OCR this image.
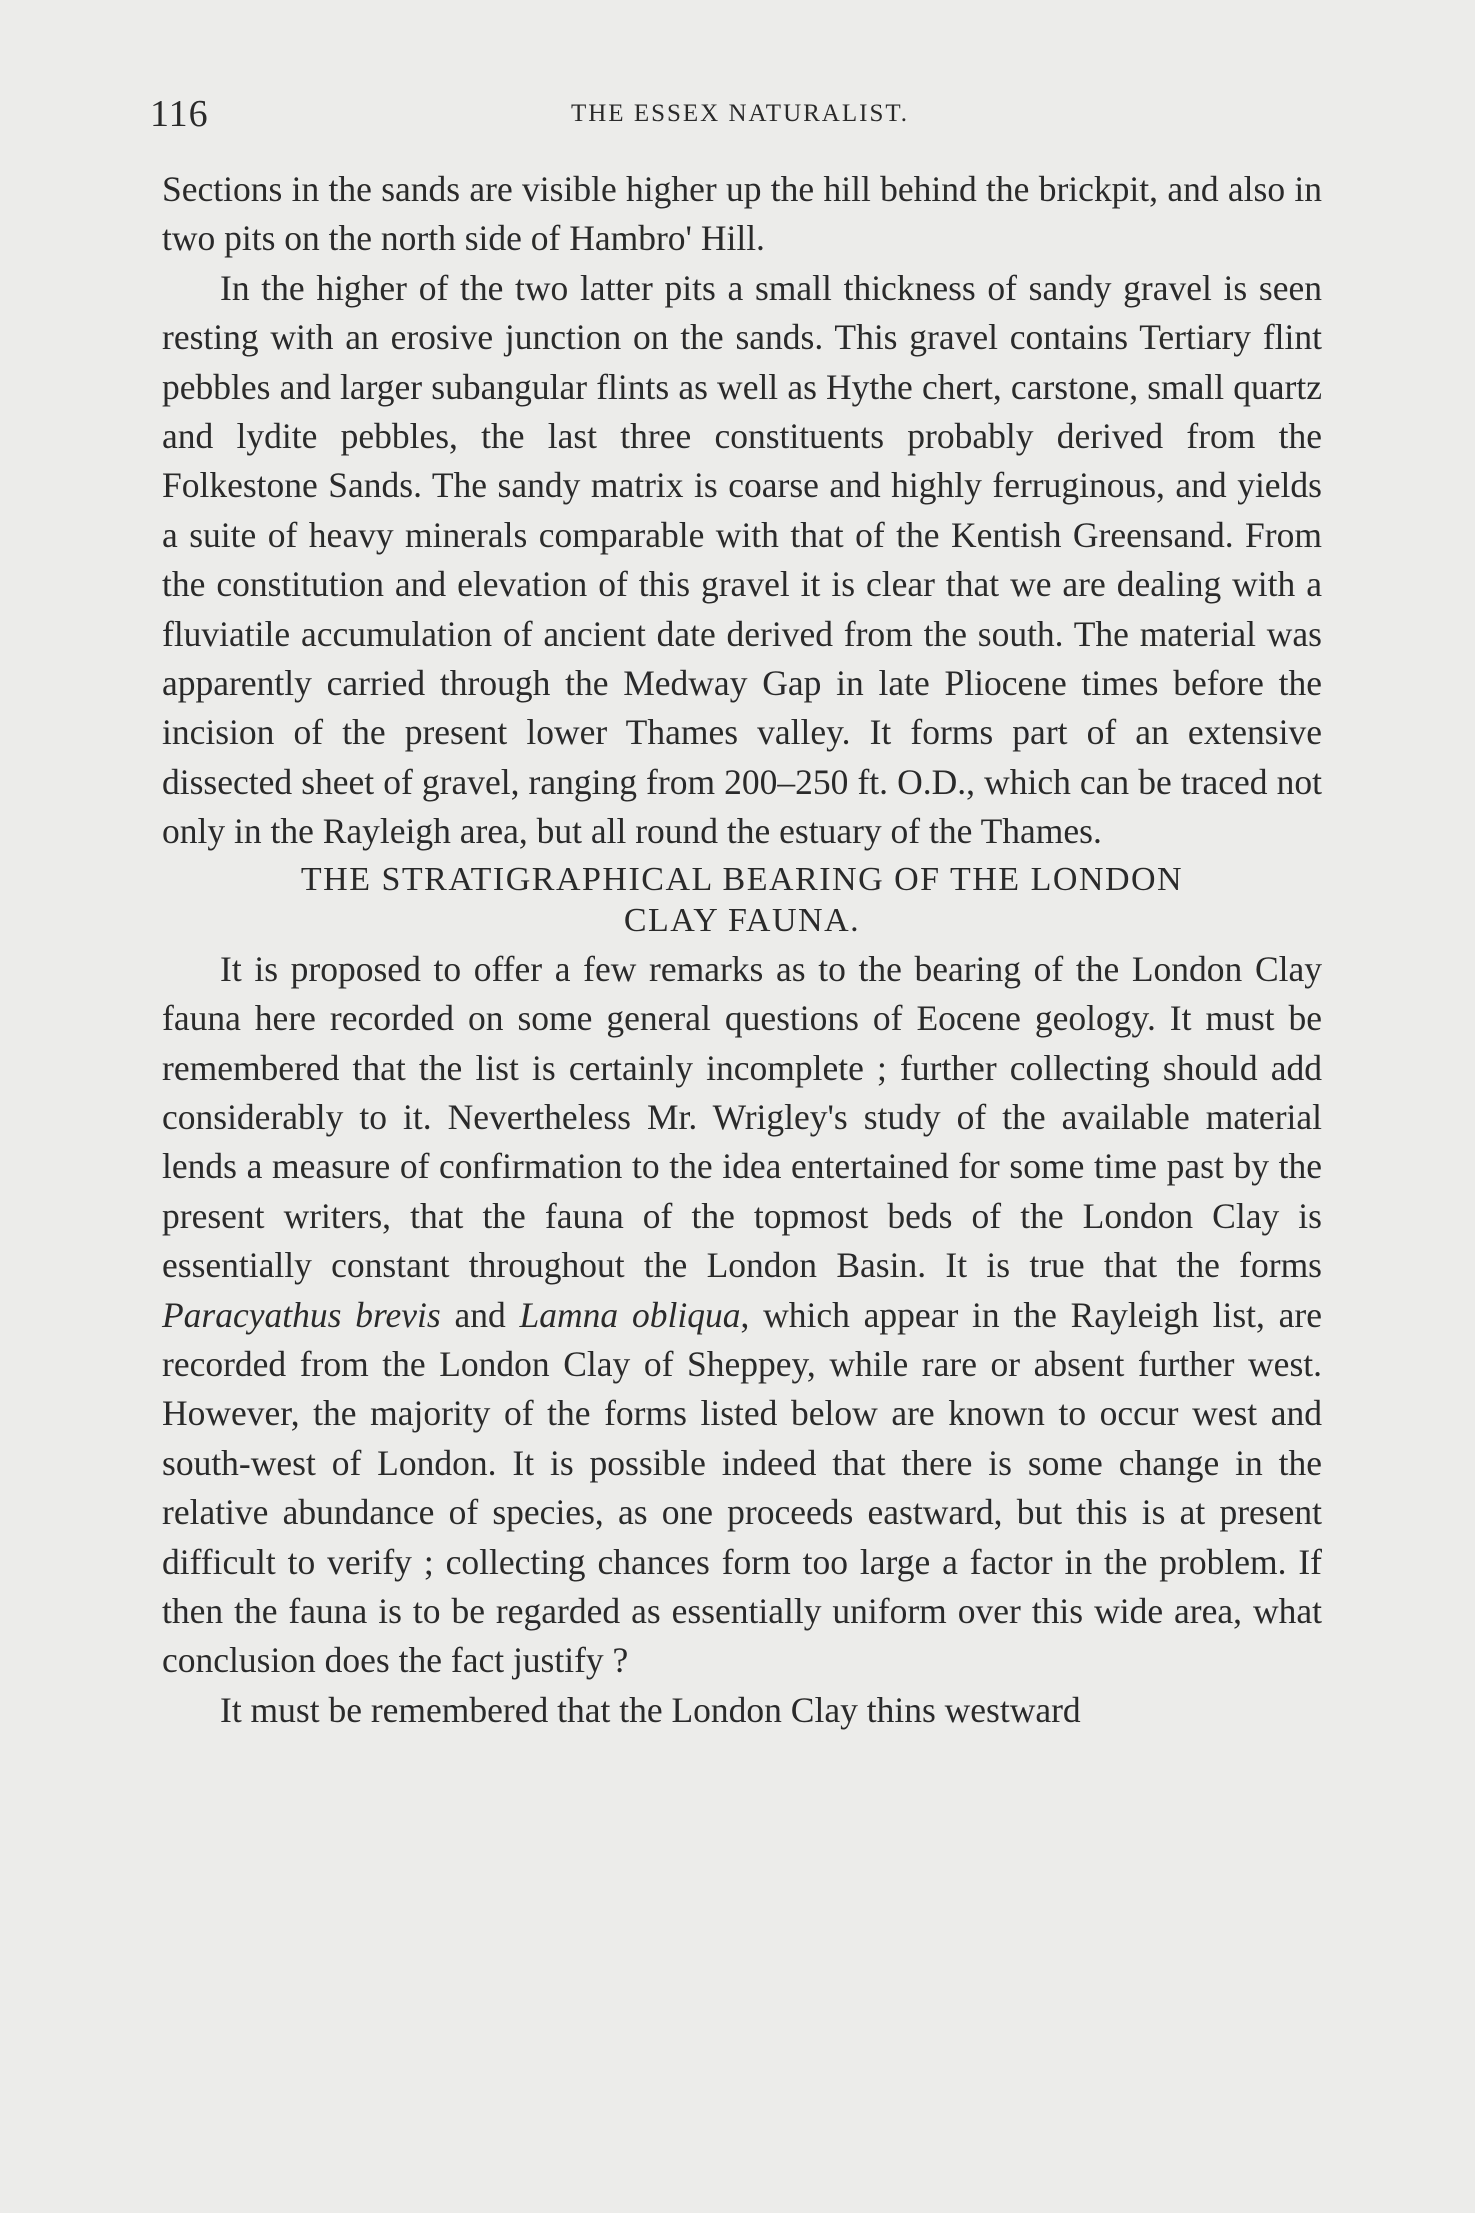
116	THE ESSEX NATURALIST.

Sections in the sands are visible higher up the hill behind the brickpit, and also in two pits on the north side of Hambro' Hill.

In the higher of the two latter pits a small thickness of sandy gravel is seen resting with an erosive junction on the sands. This gravel contains Tertiary flint pebbles and larger subangular flints as well as Hythe chert, carstone, small quartz and lydite pebbles, the last three constituents probably derived from the Folkestone Sands. The sandy matrix is coarse and highly ferruginous, and yields a suite of heavy minerals comparable with that of the Kentish Greensand. From the constitution and elevation of this gravel it is clear that we are dealing with a fluviatile accumulation of ancient date derived from the south. The material was apparently carried through the Medway Gap in late Pliocene times before the incision of the present lower Thames valley. It forms part of an extensive dissected sheet of gravel, ranging from 200–250 ft. O.D., which can be traced not only in the Rayleigh area, but all round the estuary of the Thames.

THE STRATIGRAPHICAL BEARING OF THE LONDON
CLAY FAUNA.

It is proposed to offer a few remarks as to the bearing of the London Clay fauna here recorded on some general questions of Eocene geology. It must be remembered that the list is certainly incomplete ; further collecting should add considerably to it. Nevertheless Mr. Wrigley's study of the available material lends a measure of confirmation to the idea entertained for some time past by the present writers, that the fauna of the topmost beds of the London Clay is essentially constant throughout the London Basin. It is true that the forms Paracyathus brevis and Lamna obliqua, which appear in the Rayleigh list, are recorded from the London Clay of Sheppey, while rare or absent further west. However, the majority of the forms listed below are known to occur west and south-west of London. It is possible indeed that there is some change in the relative abundance of species, as one proceeds eastward, but this is at present difficult to verify ; collecting chances form too large a factor in the problem. If then the fauna is to be regarded as essentially uniform over this wide area, what conclusion does the fact justify ?

It must be remembered that the London Clay thins westward
